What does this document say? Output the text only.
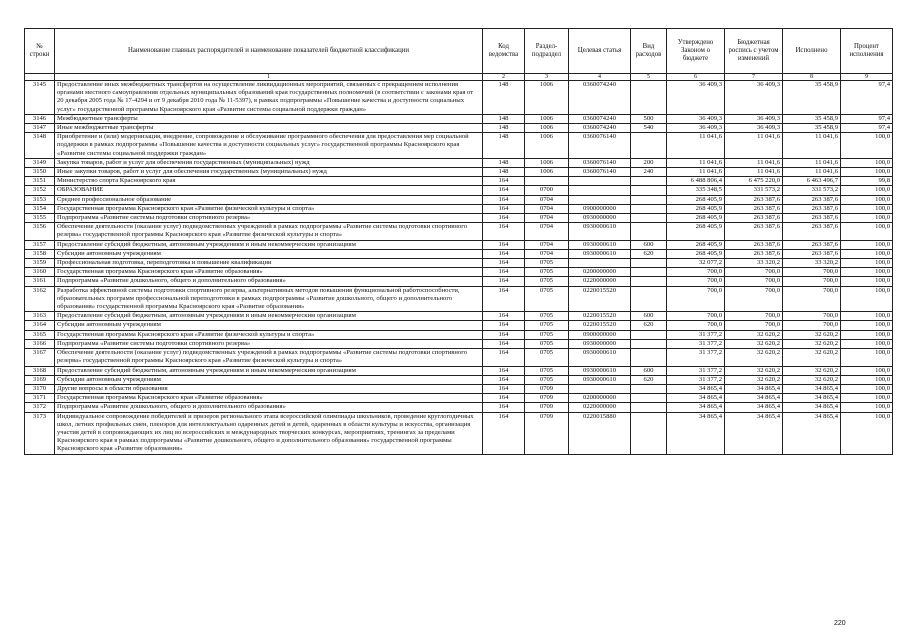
№ строки	Наименование главных распорядителей и наименование показателей бюджетной классификации	Код ведомства	Раздел-подраздел	Целевая статья	Вид расходов	Утверждено Законом о бюджете	Бюджетная роспись с учетом изменений	Исполнено	Процент исполнения
	1	2	3	4	5	6	7	8	9
3145	Предоставление иных межбюджетных трансфертов на осуществление ликвидационных мероприятий, связанных с прекращением исполнения органами местного самоуправления отдельных муниципальных образований края государственных полномочий (в соответствии с законами края от 20 декабря 2005 года № 17-4294 и от 9 декабря 2010 года № 11-5397), в рамках подпрограммы «Повышение качества и доступности социальных услуг» государственной программы Красноярского края «Развитие системы социальной поддержки граждан»	148	1006	0360074240		36 409,3	36 409,3	35 458,9	97,4
3146	Межбюджетные трансферты	148	1006	0360074240	500	36 409,3	36 409,3	35 458,9	97,4
3147	Иные межбюджетные трансферты	148	1006	0360074240	540	36 409,3	36 409,3	35 458,9	97,4
3148	Приобретение и (или) модернизация, внедрение, сопровождение и обслуживание программного обеспечения для предоставления мер социальной поддержки в рамках подпрограммы «Повышение качества и доступности социальных услуг» государственной программы Красноярского края «Развитие системы социальной поддержки граждан»	148	1006	0360076140		11 041,6	11 041,6	11 041,6	100,0
3149	Закупка товаров, работ и услуг для обеспечения государственных (муниципальных) нужд	148	1006	0360076140	200	11 041,6	11 041,6	11 041,6	100,0
3150	Иные закупки товаров, работ и услуг для обеспечения государственных (муниципальных) нужд	148	1006	0360076140	240	11 041,6	11 041,6	11 041,6	100,0
3151	Министерство спорта Красноярского края	164				6 488 806,4	6 475 220,0	6 463 496,7	99,8
3152	ОБРАЗОВАНИЕ	164	0700			335 348,5	331 573,2	331 573,2	100,0
3153	Среднее профессиональное образование	164	0704			268 405,9	263 387,6	263 387,6	100,0
3154	Государственная программа Красноярского края «Развитие физической культуры и спорта»	164	0704	0900000000		268 405,9	263 387,6	263 387,6	100,0
3155	Подпрограмма «Развитие системы подготовки спортивного резерва»	164	0704	0930000000		268 405,9	263 387,6	263 387,6	100,0
3156	Обеспечение деятельности (оказание услуг) подведомственных учреждений в рамках подпрограммы «Развитие системы подготовки спортивного резерва» государственной программы Красноярского края «Развитие физической культуры и спорта»	164	0704	0930000610		268 405,9	263 387,6	263 387,6	100,0
3157	Предоставление субсидий бюджетным, автономным учреждениям и иным некоммерческим организациям	164	0704	0930000610	600	268 405,9	263 387,6	263 387,6	100,0
3158	Субсидии автономным учреждениям	164	0704	0930000610	620	268 405,9	263 387,6	263 387,6	100,0
3159	Профессиональная подготовка, переподготовка и повышение квалификации	164	0705			32 077,2	33 320,2	33 320,2	100,0
3160	Государственная программа Красноярского края «Развитие образования»	164	0705	0200000000		700,0	700,0	700,0	100,0
3161	Подпрограмма «Развитие дошкольного, общего и дополнительного образования»	164	0705	0220000000		700,0	700,0	700,0	100,0
3162	Разработка эффективной системы подготовки спортивного резерва, альтернативных методов повышения функциональной работоспособности, образовательных программ профессиональной переподготовки в рамках подпрограммы «Развитие дошкольного, общего и дополнительного образования» государственной программы Красноярского края «Развитие образования»	164	0705	0220015520		700,0	700,0	700,0	100,0
3163	Предоставление субсидий бюджетным, автономным учреждениям и иным некоммерческим организациям	164	0705	0220015520	600	700,0	700,0	700,0	100,0
3164	Субсидии автономным учреждениям	164	0705	0220015520	620	700,0	700,0	700,0	100,0
3165	Государственная программа Красноярского края «Развитие физической культуры и спорта»	164	0705	0900000000		31 377,2	32 620,2	32 620,2	100,0
3166	Подпрограмма «Развитие системы подготовки спортивного резерва»	164	0705	0930000000		31 377,2	32 620,2	32 620,2	100,0
3167	Обеспечение деятельности (оказание услуг) подведомственных учреждений в рамках подпрограммы «Развитие системы подготовки спортивного резерва» государственной программы Красноярского края «Развитие физической культуры и спорта»	164	0705	0930000610		31 377,2	32 620,2	32 620,2	100,0
3168	Предоставление субсидий бюджетным, автономным учреждениям и иным некоммерческим организациям	164	0705	0930000610	600	31 377,2	32 620,2	32 620,2	100,0
3169	Субсидии автономным учреждениям	164	0705	0930000610	620	31 377,2	32 620,2	32 620,2	100,0
3170	Другие вопросы в области образования	164	0709			34 865,4	34 865,4	34 865,4	100,0
3171	Государственная программа Красноярского края «Развитие образования»	164	0709	0200000000		34 865,4	34 865,4	34 865,4	100,0
3172	Подпрограмма «Развитие дошкольного, общего и дополнительного образования»	164	0709	0220000000		34 865,4	34 865,4	34 865,4	100,0
3173	Индивидуальное сопровождение победителей и призеров регионального этапа всероссийской олимпиады школьников, проведение круглогодичных школ, летних профильных смен, пленэров для интеллектуально одаренных детей и детей, одаренных в области культуры и искусства, организация участия детей в сопровождающих их лиц во всероссийских и международных творческих конкурсах, мероприятиях, тренингах за пределами Красноярского края в рамках подпрограммы «Развитие дошкольного, общего и дополнительного образования» государственной программы Красноярского края «Развитие образования»	164	0709	0220015880		34 865,4	34 865,4	34 865,4	100,0
220
